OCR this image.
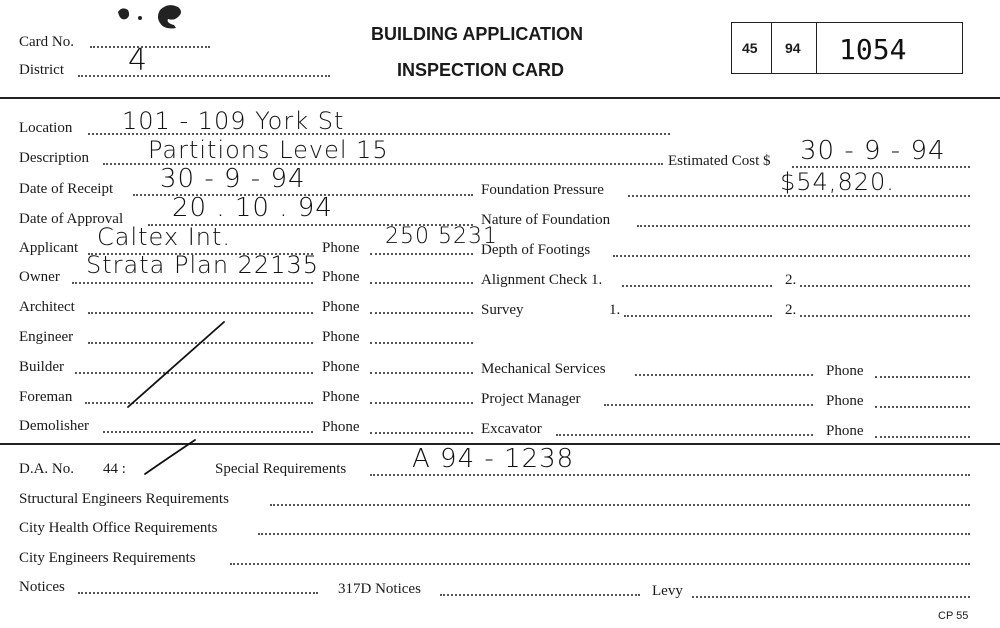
Card No.
District 4
BUILDING APPLICATION
INSPECTION CARD
45 94 1054
Location 101 - 109 York St
Description Partitions Level 15	Estimated Cost $ 30 - 9 - 94
Date of Receipt 30 - 9 - 94
Date of Approval 20 . 10 . 94
Applicant Caltex Int.	Phone 250 5231
Owner Strata Plan 22135 Phone
Architect	Phone
Engineer	Phone
Builder	Phone
Foreman	Phone
Demolisher	Phone
Foundation Pressure	$54,820.
Nature of Foundation
Depth of Footings
Alignment Check 1.	2.
Survey	1.	2.
Mechanical Services	Phone
Project Manager	Phone
Excavator	Phone
D.A. No. 44 :	Special Requirements	A 94 - 1238
Structural Engineers Requirements
City Health Office Requirements
City Engineers Requirements
Notices	317D Notices	Levy
CP 55
